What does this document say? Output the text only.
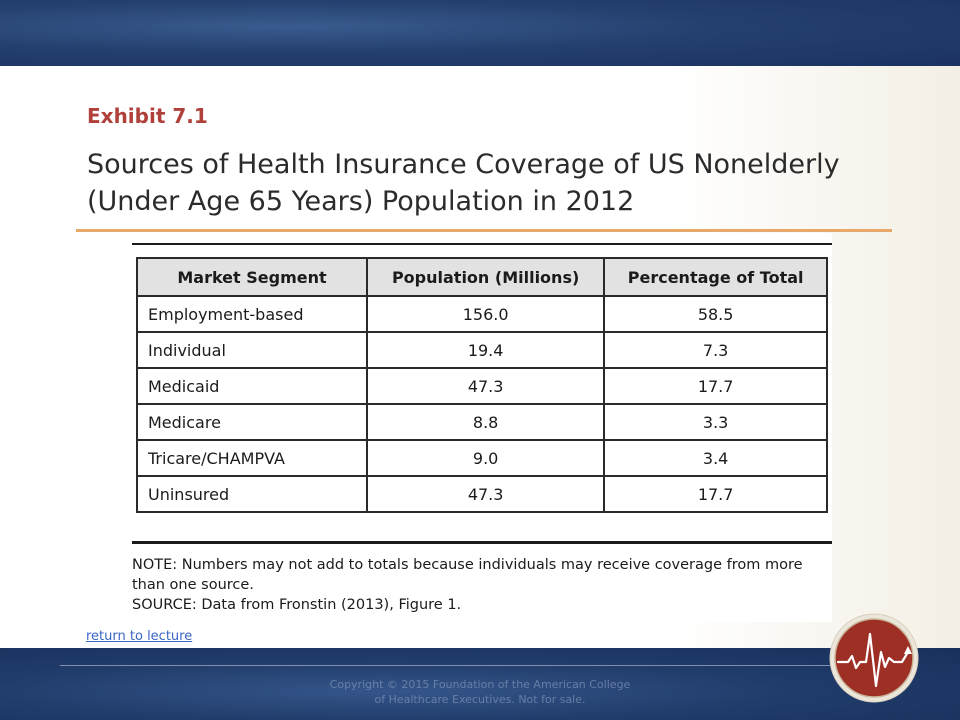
Exhibit 7.1
Sources of Health Insurance Coverage of US Nonelderly (Under Age 65 Years) Population in 2012
Market Segment	Population (Millions)	Percentage of Total
Employment-based	156.0	58.5
Individual	19.4	7.3
Medicaid	47.3	17.7
Medicare	8.8	3.3
Tricare/CHAMPVA	9.0	3.4
Uninsured	47.3	17.7
NOTE: Numbers may not add to totals because individuals may receive coverage from more
than one source.
SOURCE: Data from Fronstin (2013), Figure 1.
return to lecture
Copyright © 2015 Foundation of the American College
of Healthcare Executives. Not for sale.
